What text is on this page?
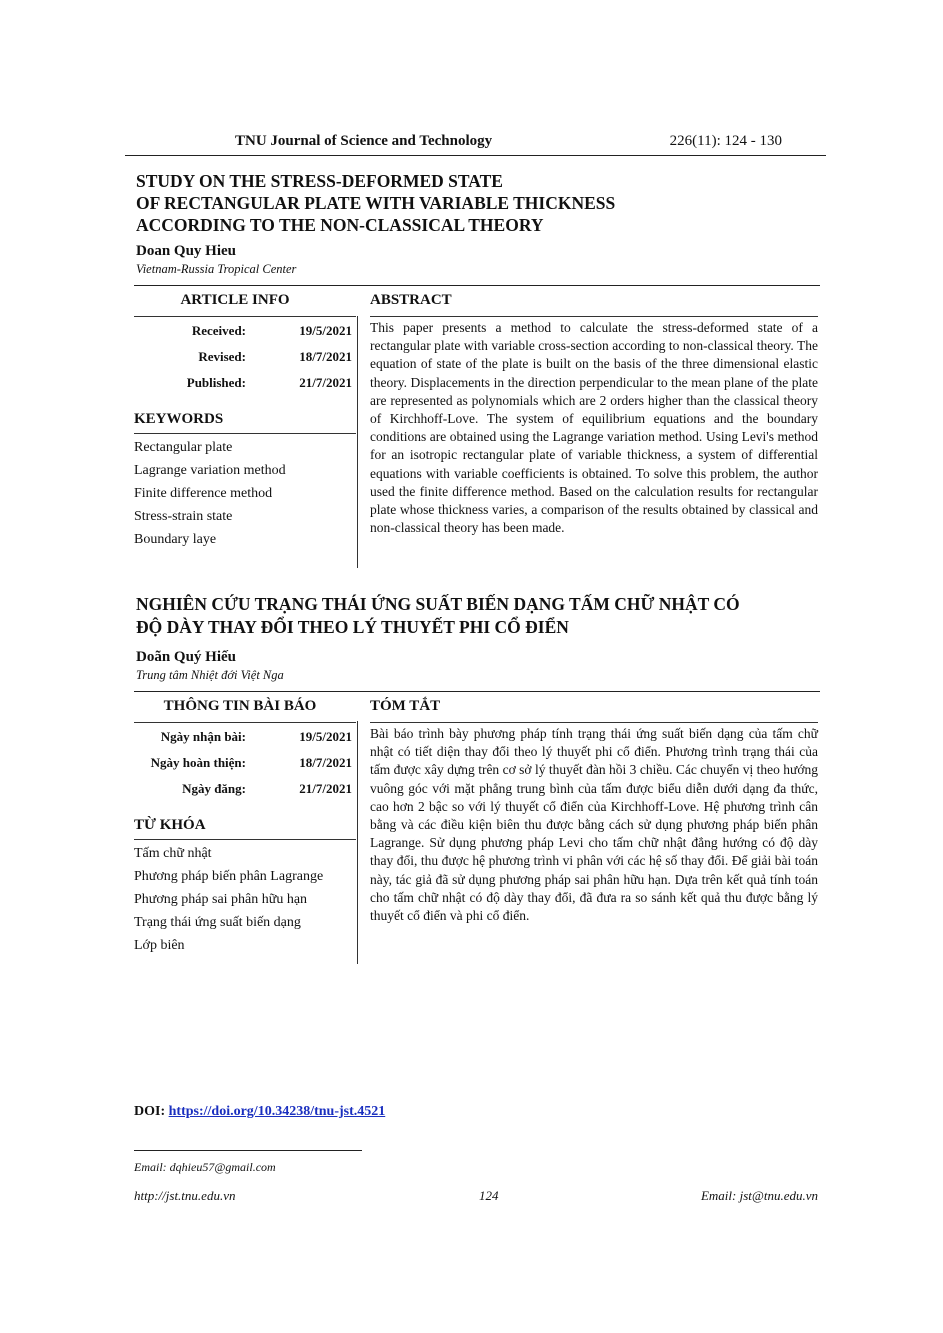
TNU Journal of Science and Technology	226(11): 124 - 130
STUDY ON THE STRESS-DEFORMED STATE
OF RECTANGULAR PLATE WITH VARIABLE THICKNESS
ACCORDING TO THE NON-CLASSICAL THEORY
Doan Quy Hieu
Vietnam-Russia Tropical Center
ARTICLE INFO
Received:	19/5/2021
Revised:	18/7/2021
Published:	21/7/2021
KEYWORDS
Rectangular plate
Lagrange variation method
Finite difference method
Stress-strain state
Boundary laye
ABSTRACT
This paper presents a method to calculate the stress-deformed state of a rectangular plate with variable cross-section according to non-classical theory. The equation of state of the plate is built on the basis of the three dimensional elastic theory. Displacements in the direction perpendicular to the mean plane of the plate are represented as polynomials which are 2 orders higher than the classical theory of Kirchhoff-Love. The system of equilibrium equations and the boundary conditions are obtained using the Lagrange variation method. Using Levi's method for an isotropic rectangular plate of variable thickness, a system of differential equations with variable coefficients is obtained. To solve this problem, the author used the finite difference method. Based on the calculation results for rectangular plate whose thickness varies, a comparison of the results obtained by classical and non-classical theory has been made.
NGHIÊN CỨU TRẠNG THÁI ỨNG SUẤT BIẾN DẠNG TẤM CHỮ NHẬT CÓ
ĐỘ DÀY THAY ĐỔI THEO LÝ THUYẾT PHI CỔ ĐIỂN
Doãn Quý Hiếu
Trung tâm Nhiệt đới Việt Nga
THÔNG TIN BÀI BÁO
Ngày nhận bài:	19/5/2021
Ngày hoàn thiện:	18/7/2021
Ngày đăng:	21/7/2021
TỪ KHÓA
Tấm chữ nhật
Phương pháp biến phân Lagrange
Phương pháp sai phân hữu hạn
Trạng thái ứng suất biến dạng
Lớp biên
TÓM TẮT
Bài báo trình bày phương pháp tính trạng thái ứng suất biến dạng của tấm chữ nhật có tiết diện thay đổi theo lý thuyết phi cổ điển. Phương trình trạng thái của tấm được xây dựng trên cơ sở lý thuyết đàn hồi 3 chiều. Các chuyển vị theo hướng vuông góc với mặt phẳng trung bình của tấm được biểu diễn dưới dạng đa thức, cao hơn 2 bậc so với lý thuyết cổ điển của Kirchhoff-Love. Hệ phương trình cân bằng và các điều kiện biên thu được bằng cách sử dụng phương pháp biến phân Lagrange. Sử dụng phương pháp Levi cho tấm chữ nhật đẳng hướng có độ dày thay đổi, thu được hệ phương trình vi phân với các hệ số thay đổi. Để giải bài toán này, tác giả đã sử dụng phương pháp sai phân hữu hạn. Dựa trên kết quả tính toán cho tấm chữ nhật có độ dày thay đổi, đã đưa ra so sánh kết quả thu được bằng lý thuyết cổ điển và phi cổ điển.
DOI: https://doi.org/10.34238/tnu-jst.4521
Email: dqhieu57@gmail.com
http://jst.tnu.edu.vn	124	Email: jst@tnu.edu.vn
